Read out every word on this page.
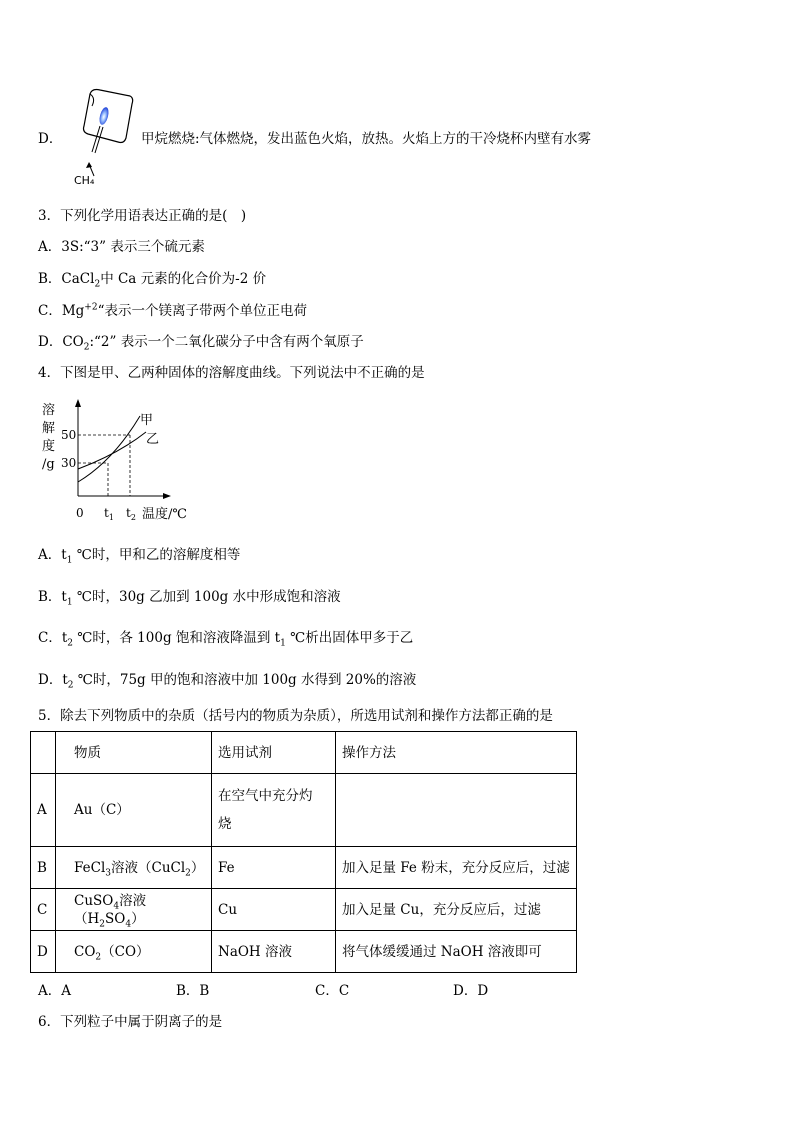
D．
CH₄
甲烷燃烧:气体燃烧，发出蓝色火焰，放热。火焰上方的干冷烧杯内壁有水雾
3．下列化学用语表达正确的是(　)
A．3S:“3” 表示三个硫元素
B．CaCl$_2$中 Ca 元素的化合价为-2 价
C．$Mg^{+2}“$表示一个镁离子带两个单位正电荷
D．$CO_2:“2$” 表示一个二氧化碳分子中含有两个氧原子
4．下图是甲、乙两种固体的溶解度曲线。下列说法中不正确的是
溶
解
度
/g
50
30
0 $t_1$ $t_2$ 温度/℃
甲
乙
A．$t_1$ ℃时，甲和乙的溶解度相等
B．$t_1$ ℃时，30g 乙加到 100g 水中形成饱和溶液
C．$t_2$ ℃时，各 100g 饱和溶液降温到 $t_1$ ℃析出固体甲多于乙
D．$t_2$ ℃时，75g 甲的饱和溶液中加 100g 水得到 20%的溶液
5．除去下列物质中的杂质（括号内的物质为杂质），所选用试剂和操作方法都正确的是
	物质	选用试剂	操作方法
A	Au（C）	在空气中充分灼
烧	

B	FeCl$_3$溶液（CuCl$_2$）	Fe	加入足量 Fe 粉末，充分反应后，过滤
C	CuSO$_4$溶液$(H_2SO_4)$	Cu	加入足量 Cu，充分反应后，过滤
D	$CO_2(CO)$	NaOH 溶液	将气体缓缓通过 NaOH 溶液即可
A．A	B．B	C．C	D．D
6．下列粒子中属于阴离子的是
